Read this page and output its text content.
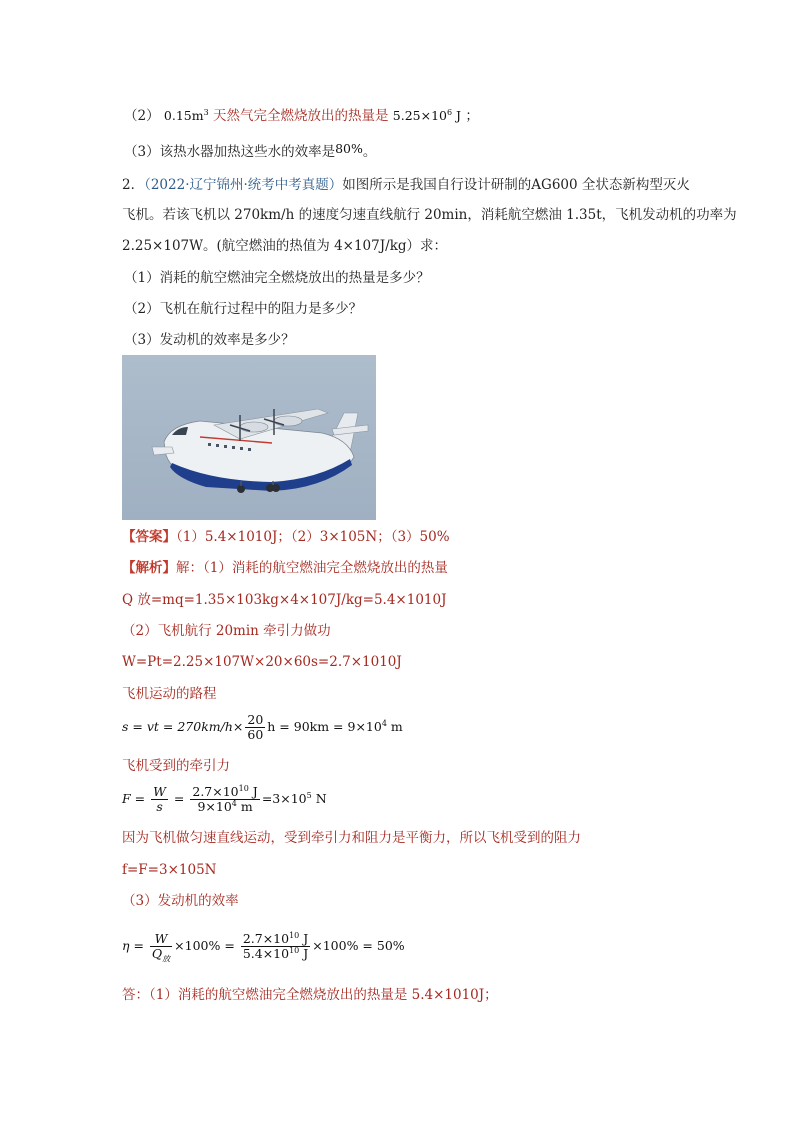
（2） $0.15m^3$ 天然气完全燃烧放出的热量是 $5.25\times 10^6$ J ；
（3）该热水器加热这些水的效率是80%。
2．（2022·辽宁锦州·统考中考真题）如图所示是我国自行设计研制的AG600 全状态新构型灭火
飞机。若该飞机以 270km/h 的速度匀速直线航行 20min，消耗航空燃油 1.35t，飞机发动机的功率为
2.25×107W。(航空燃油的热值为 4×107J/kg）求：
（1）消耗的航空燃油完全燃烧放出的热量是多少？
（2）飞机在航行过程中的阻力是多少？
（3）发动机的效率是多少？
【答案】（1）5.4×1010J；（2）3×105N；（3）50%
【解析】解：（1）消耗的航空燃油完全燃烧放出的热量
Q 放=mq=1.35×103kg×4×107J/kg=5.4×1010J
（2）飞机航行 20min 牵引力做功
W=Pt=2.25×107W×20×60s=2.7×1010J
飞机运动的路程
s = vt = $270km/h\times \frac{20}{60}$ $h = 90km = 9\times 10^4$ m
飞机受到的牵引力
$F = \frac{W}{s} = \frac{2.7\times 10^{10} J}{9\times 10^4 m} =3\times 10^5$ N
因为飞机做匀速直线运动，受到牵引力和阻力是平衡力，所以飞机受到的阻力
f=F=3×105N
（3）发动机的效率
$\eta = \frac{W}{Q_放} \times 100\% = \frac{2.7\times 10^{10} J}{5.4\times 10^{10} J} \times 100\% = 50\%$
答：（1）消耗的航空燃油完全燃烧放出的热量是 5.4×1010J；
